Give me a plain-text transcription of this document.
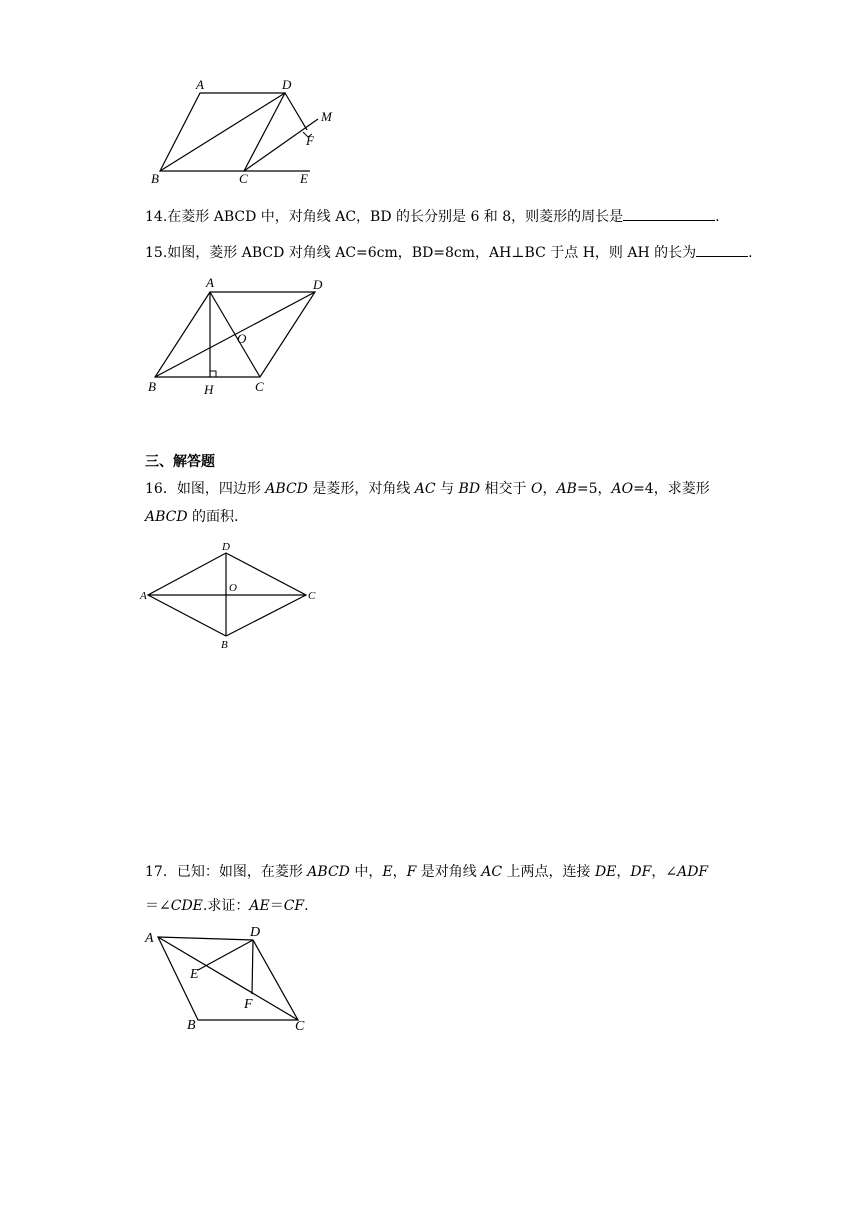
A	D
M
F
B	C	E
14.在菱形 ABCD 中，对角线 AC，BD 的长分别是 6 和 8，则菱形的周长是	.
15.如图，菱形 ABCD 对角线 AC=6cm，BD=8cm，AH⊥BC 于点 H，则 AH 的长为	.
A	D
O
B	H	C
三、解答题
16．如图，四边形 ABCD 是菱形，对角线 AC 与 BD 相交于 O，AB=5，AO=4，求菱形
ABCD 的面积.
D
A
O
C
B
17．已知：如图，在菱形 ABCD 中，E，F 是对角线 AC 上两点，连接 DE，DF，∠ADF
＝∠CDE.求证：AE＝CF.
A	D
E
F
B	C
